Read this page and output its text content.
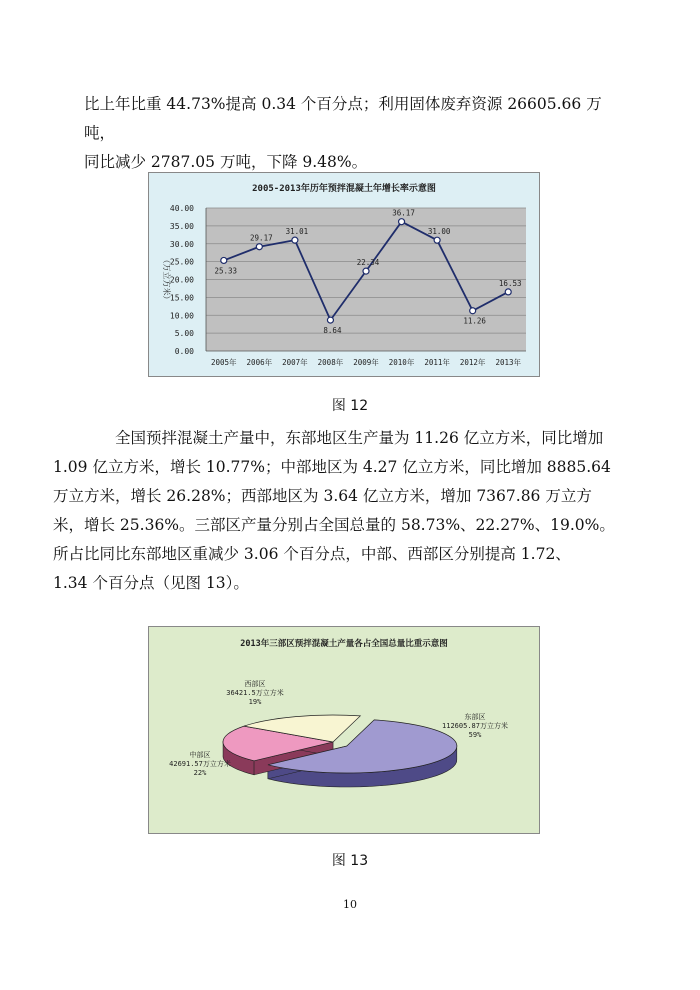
比上年比重 44.73%提高 0.34 个百分点；利用固体废弃资源 26605.66 万吨，
同比减少 2787.05 万吨，下降 9.48%。
2005-2013年历年预拌混凝土年增长率示意图
0.00
5.00
10.00
15.00
20.00
25.00
30.00
35.00
40.00
（万立方米）
2005年 2006年 2007年 2008年 2009年 2010年 2011年 2012年 2013年
25.33
29.17
31.01
8.64
22.34
36.17
31.00
11.26
16.53
图 12
全国预拌混凝土产量中，东部地区生产量为 11.26 亿立方米，同比增加
1.09 亿立方米，增长 10.77%；中部地区为 4.27 亿立方米，同比增加 8885.64
万立方米，增长 26.28%；西部地区为 3.64 亿立方米，增加 7367.86 万立方
米，增长 25.36%。三部区产量分别占全国总量的 58.73%、22.27%、19.0%。
所占比同比东部地区重减少 3.06 个百分点，中部、西部区分别提高 1.72、
1.34 个百分点（见图 13）。
2013年三部区预拌混凝土产量各占全国总量比重示意图
东部区
112605.87万立方米
59%
中部区
42691.57万立方米
22%
西部区
36421.5万立方米
19%
图 13
10
